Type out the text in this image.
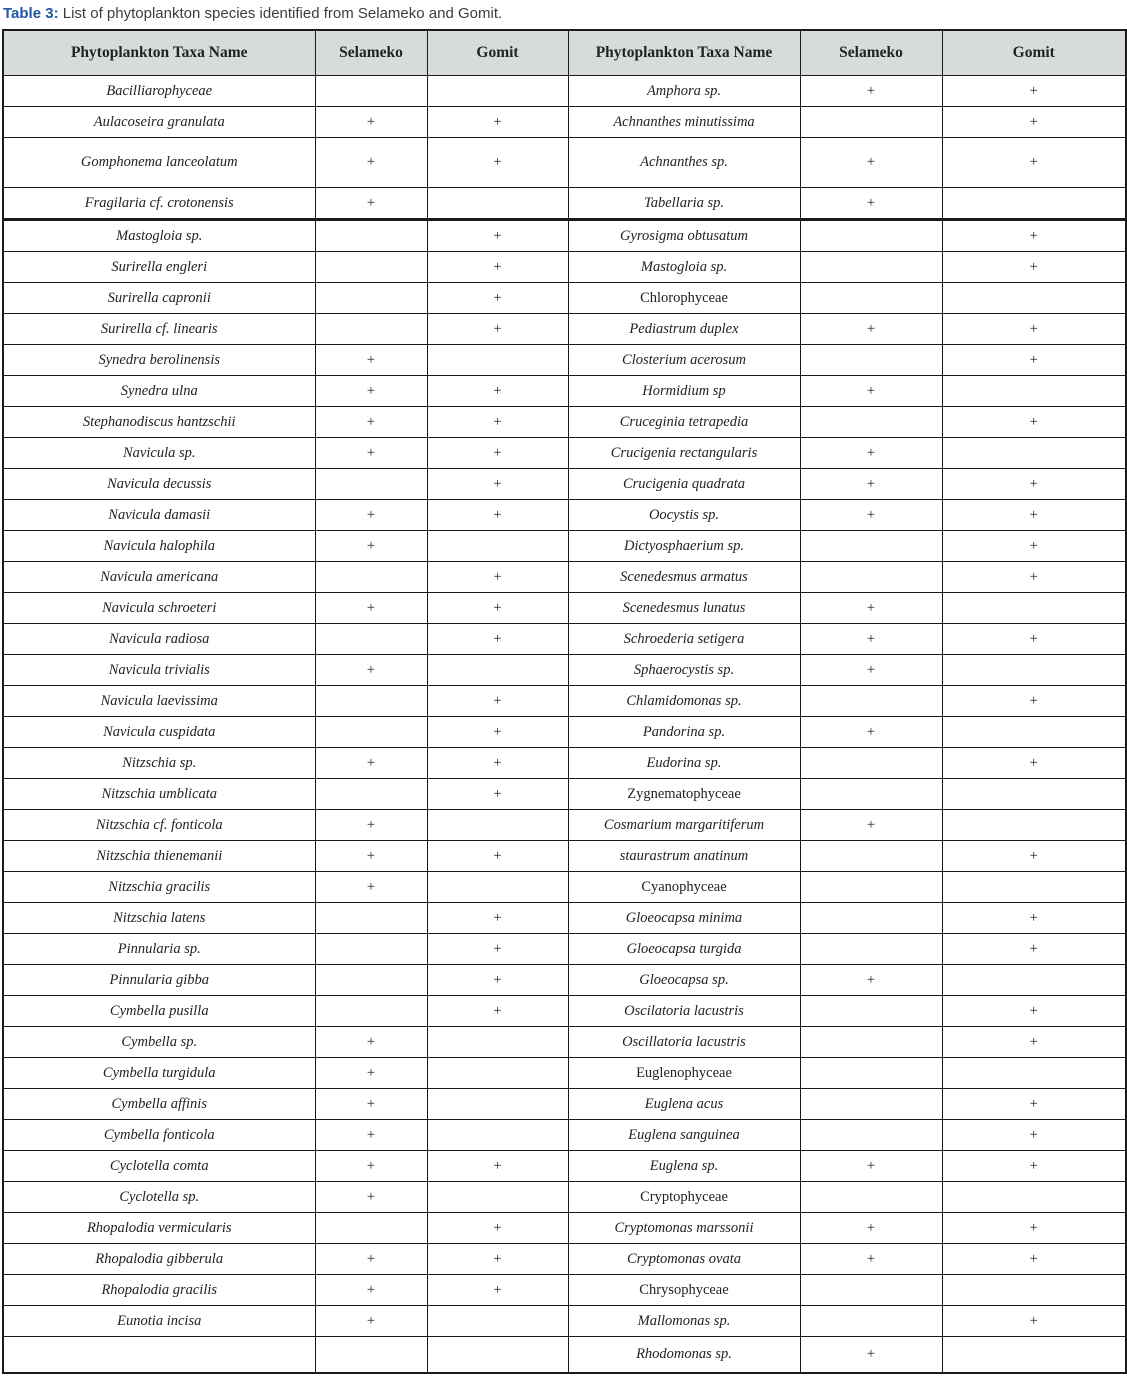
Table 3: List of phytoplankton species identified from Selameko and Gomit.
Phytoplankton Taxa Name	Selameko	Gomit	Phytoplankton Taxa Name	Selameko	Gomit
Bacilliarophyceae			Amphora sp.	+	+
Aulacoseira granulata	+	+	Achnanthes minutissima		+
Gomphonema lanceolatum	+	+	Achnanthes sp.	+	+
Fragilaria cf. crotonensis	+		Tabellaria sp.	+	
Mastogloia sp.		+	Gyrosigma obtusatum		+
Surirella engleri		+	Mastogloia sp.		+
Surirella capronii		+	Chlorophyceae		
Surirella cf. linearis		+	Pediastrum duplex	+	+
Synedra berolinensis	+		Closterium acerosum		+
Synedra ulna	+	+	Hormidium sp	+	
Stephanodiscus hantzschii	+	+	Cruceginia tetrapedia		+
Navicula sp.	+	+	Crucigenia rectangularis	+	
Navicula decussis		+	Crucigenia quadrata	+	+
Navicula damasii	+	+	Oocystis sp.	+	+
Navicula halophila	+		Dictyosphaerium sp.		+
Navicula americana		+	Scenedesmus armatus		+
Navicula schroeteri	+	+	Scenedesmus lunatus	+	
Navicula radiosa		+	Schroederia setigera	+	+
Navicula trivialis	+		Sphaerocystis sp.	+	
Navicula laevissima		+	Chlamidomonas sp.		+
Navicula cuspidata		+	Pandorina sp.	+	
Nitzschia sp.	+	+	Eudorina sp.		+
Nitzschia umblicata		+	Zygnematophyceae		
Nitzschia cf. fonticola	+		Cosmarium margaritiferum	+	
Nitzschia thienemanii	+	+	staurastrum anatinum		+
Nitzschia gracilis	+		Cyanophyceae		
Nitzschia latens		+	Gloeocapsa minima		+
Pinnularia sp.		+	Gloeocapsa turgida		+
Pinnularia gibba		+	Gloeocapsa sp.	+	
Cymbella pusilla		+	Oscilatoria lacustris		+
Cymbella sp.	+		Oscillatoria lacustris		+
Cymbella turgidula	+		Euglenophyceae		
Cymbella affinis	+		Euglena acus		+
Cymbella fonticola	+		Euglena sanguinea		+
Cyclotella comta	+	+	Euglena sp.	+	+
Cyclotella sp.	+		Cryptophyceae		
Rhopalodia vermicularis		+	Cryptomonas marssonii	+	+
Rhopalodia gibberula	+	+	Cryptomonas ovata	+	+
Rhopalodia gracilis	+	+	Chrysophyceae		
Eunotia incisa	+		Mallomonas sp.		+
			Rhodomonas sp.	+	
